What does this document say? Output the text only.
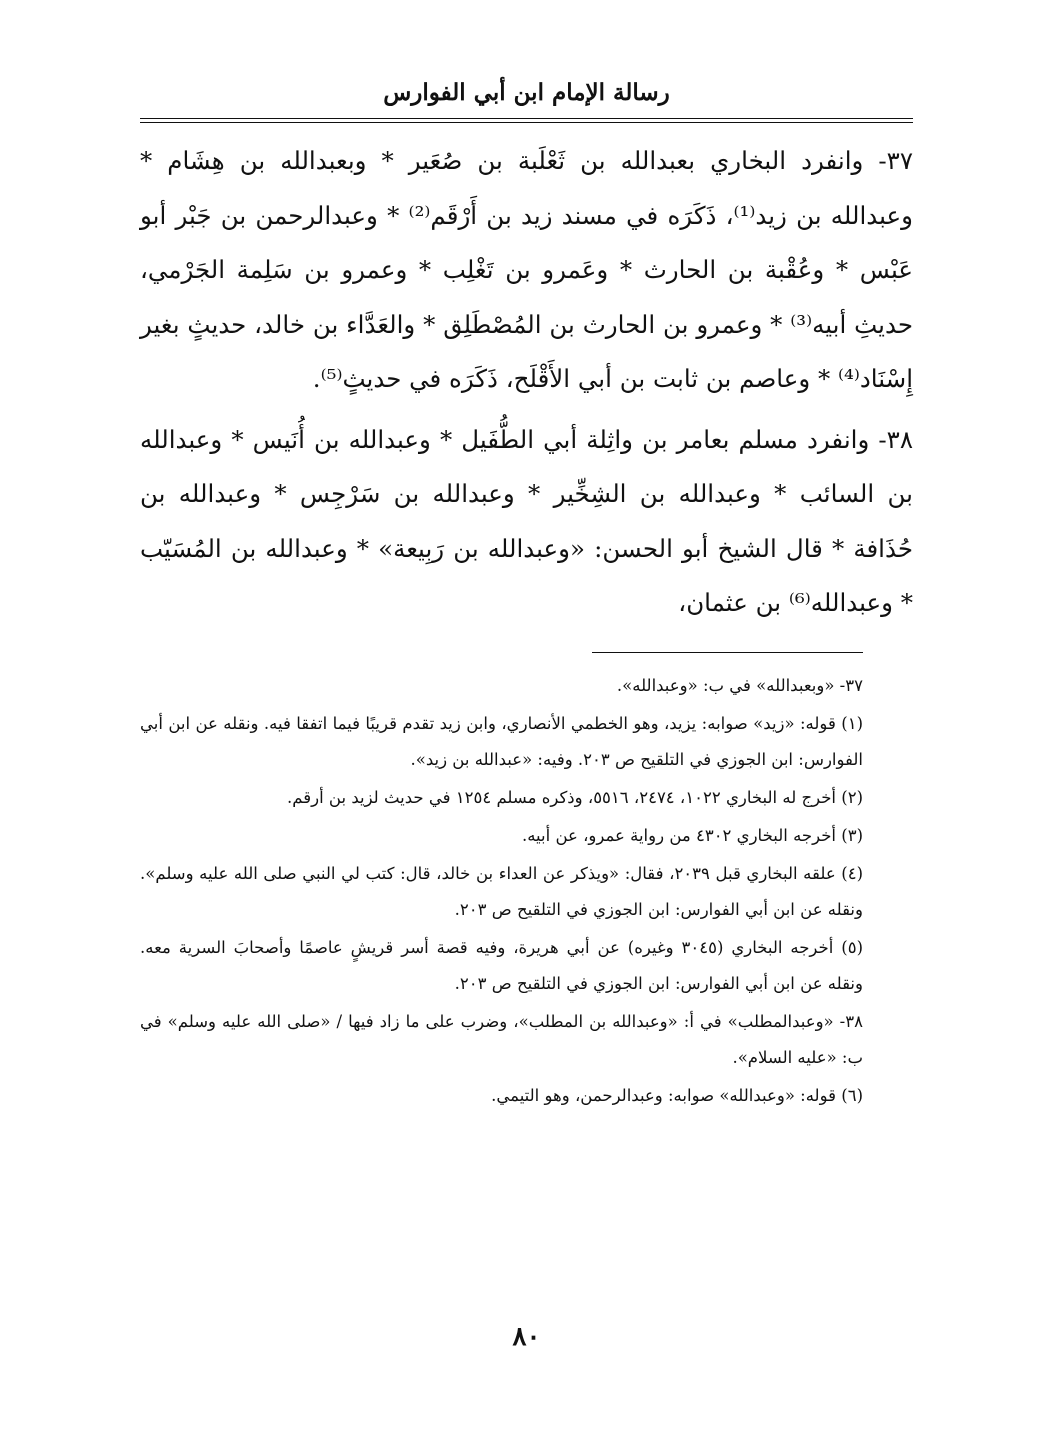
رسالة الإمام ابن أبي الفوارس

٣٧- وانفرد البخاري بعبدالله بن ثَعْلَبة بن صُعَير * وبعبدالله بن هِشَام * وعبدالله بن زيد⁽¹⁾، ذَكَرَه في مسند زيد بن أَرْقَم⁽²⁾ * وعبدالرحمن بن جَبْر أبو عَبْس * وعُقْبة بن الحارث * وعَمرو بن تَغْلِب * وعمرو بن سَلِمة الجَرْمي، حديثِ أبيه⁽³⁾ * وعمرو بن الحارث بن المُصْطَلِق * والعَدَّاء بن خالد، حديثٍ بغير إِسْنَاد⁽⁴⁾ * وعاصم بن ثابت بن أبي الأَقْلَح، ذَكَرَه في حديثٍ⁽⁵⁾.

٣٨- وانفرد مسلم بعامر بن واثِلة أبي الطُّفَيل * وعبدالله بن أُنَيس * وعبدالله بن السائب * وعبدالله بن الشِخِّير * وعبدالله بن سَرْجِس * وعبدالله بن حُذَافة * قال الشيخ أبو الحسن: «وعبدالله بن رَبِيعة» * وعبدالله بن المُسَيّب * وعبدالله⁽⁶⁾ بن عثمان،

٣٧- «وبعبدالله» في ب: «وعبدالله».

(١) قوله: «زيد» صوابه: يزيد، وهو الخطمي الأنصاري، وابن زيد تقدم قريبًا فيما اتفقا فيه. ونقله عن ابن أبي الفوارس: ابن الجوزي في التلقيح ص ٢٠٣. وفيه: «عبدالله بن زيد».

(٢) أخرج له البخاري ١٠٢٢، ٢٤٧٤، ٥٥١٦، وذكره مسلم ١٢٥٤ في حديث لزيد بن أرقم.

(٣) أخرجه البخاري ٤٣٠٢ من رواية عمرو، عن أبيه.

(٤) علقه البخاري قبل ٢٠٣٩، فقال: «ويذكر عن العداء بن خالد، قال: كتب لي النبي صلى الله عليه وسلم». ونقله عن ابن أبي الفوارس: ابن الجوزي في التلقيح ص ٢٠٣.

(٥) أخرجه البخاري (٣٠٤٥ وغيره) عن أبي هريرة، وفيه قصة أسر قريشٍ عاصمًا وأصحابَ السرية معه. ونقله عن ابن أبي الفوارس: ابن الجوزي في التلقيح ص ٢٠٣.

٣٨- «وعبدالمطلب» في أ: «وعبدالله بن المطلب»، وضرب على ما زاد فيها / «صلى الله عليه وسلم» في ب: «عليه السلام».

(٦) قوله: «وعبدالله» صوابه: وعبدالرحمن، وهو التيمي.

٨٠
